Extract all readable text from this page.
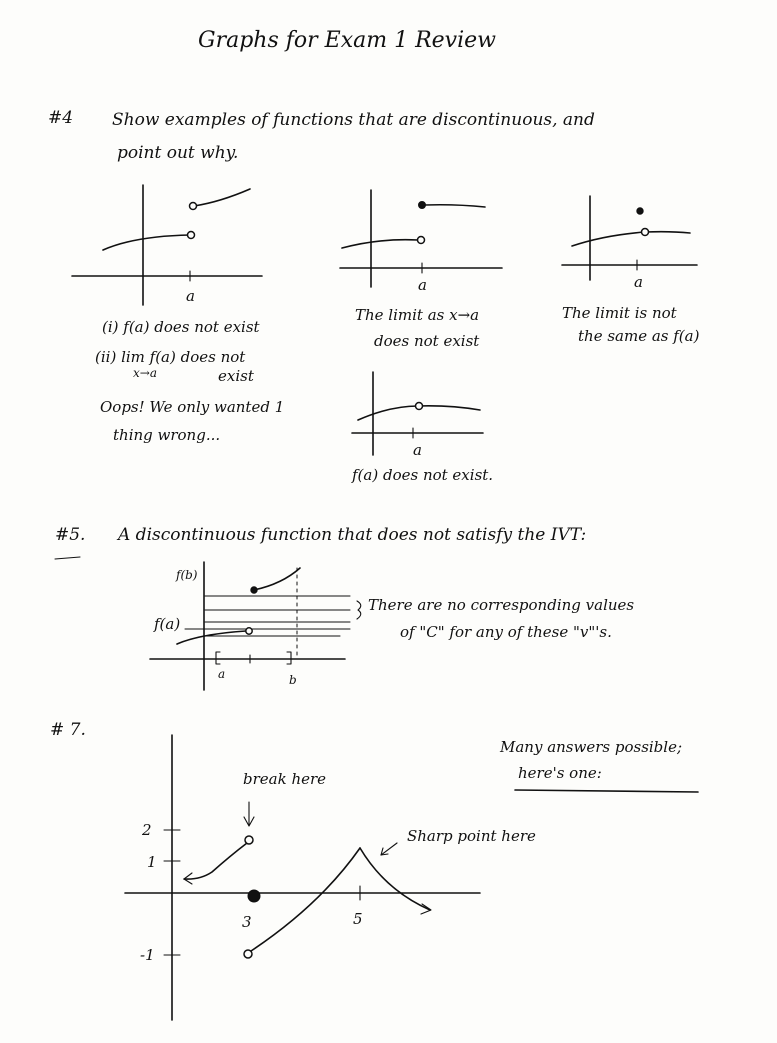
Graphs for Exam 1 Review
#4 Show examples of functions that are discontinuous, and
point out why.
a
(i) f(a) does not exist
(ii) lim f(a) does not
x→a	exist
Oops! We only wanted 1
thing wrong...
a
The limit as x→a
does not exist
a
The limit is not
the same as f(a)
a
f(a) does not exist.
#5. A discontinuous function that does not satisfy the IVT:
f(b)
f(a)
a	b
There are no corresponding values
of "C" for any of these "v"'s.
# 7.
Many answers possible;
here's one:
break here
Sharp point here
2
1
-1
3	5
